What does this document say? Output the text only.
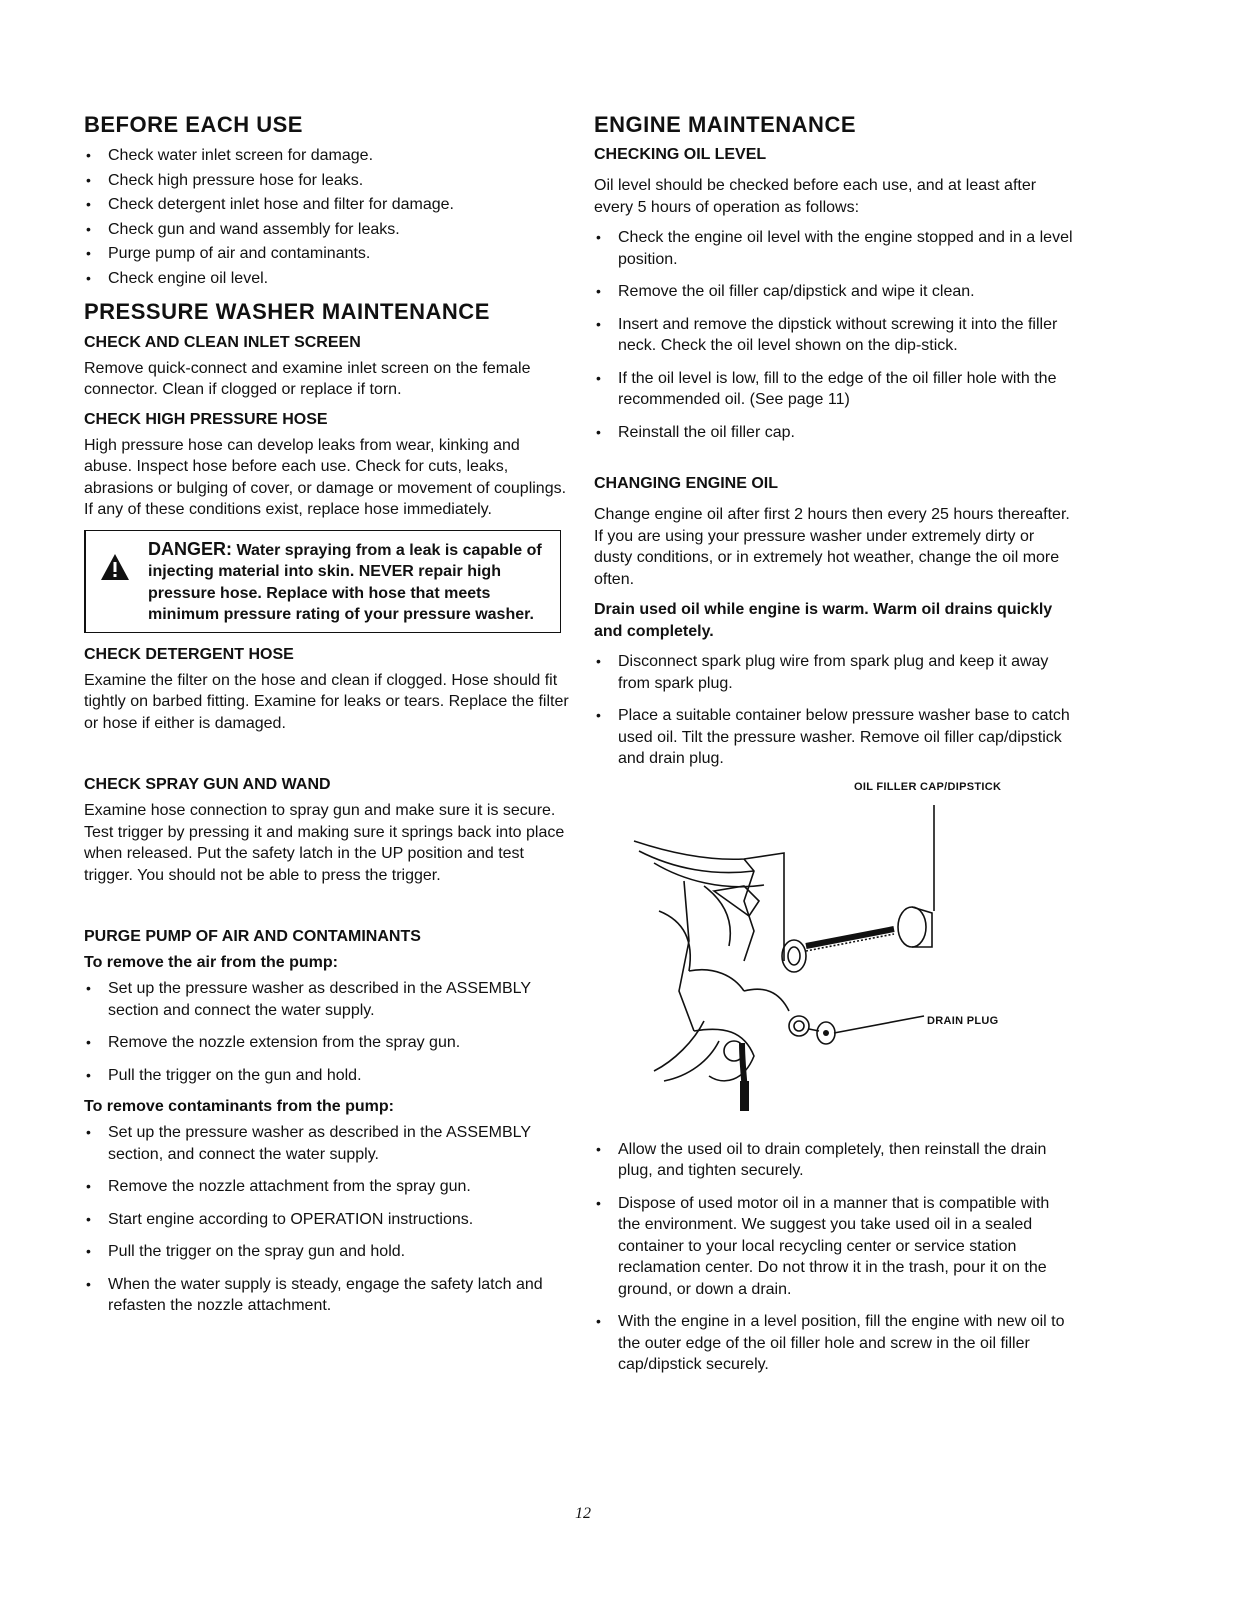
BEFORE EACH USE
• Check water inlet screen for damage.
• Check high pressure hose for leaks.
• Check detergent inlet hose and filter for damage.
• Check gun and wand assembly for leaks.
• Purge pump of air and contaminants.
• Check engine oil level.
PRESSURE WASHER MAINTENANCE
CHECK AND CLEAN INLET SCREEN

Remove quick-connect and examine inlet screen on the female connector. Clean if clogged or replace if torn.

CHECK HIGH PRESSURE HOSE

High pressure hose can develop leaks from wear, kinking and abuse. Inspect hose before each use. Check for cuts, leaks, abrasions or bulging of cover, or damage or movement of couplings. If any of these conditions exist, replace hose immediately.

DANGER: Water spraying from a leak is capable of injecting material into skin. NEVER repair high pressure hose. Replace with hose that meets minimum pressure rating of your pressure washer.
CHECK DETERGENT HOSE

Examine the filter on the hose and clean if clogged. Hose should fit tightly on barbed fitting. Examine for leaks or tears. Replace the filter or hose if either is damaged.

CHECK SPRAY GUN AND WAND

Examine hose connection to spray gun and make sure it is secure. Test trigger by pressing it and making sure it springs back into place when released. Put the safety latch in the UP position and test trigger. You should not be able to press the trigger.

PURGE PUMP OF AIR AND CONTAMINANTS
To remove the air from the pump:
• Set up the pressure washer as described in the ASSEMBLY section and connect the water supply.
• Remove the nozzle extension from the spray gun.
• Pull the trigger on the gun and hold.
To remove contaminants from the pump:
• Set up the pressure washer as described in the ASSEMBLY section, and connect the water supply.
• Remove the nozzle attachment from the spray gun.
• Start engine according to OPERATION instructions.
• Pull the trigger on the spray gun and hold.
• When the water supply is steady, engage the safety latch and refasten the nozzle attachment.
ENGINE MAINTENANCE
CHECKING OIL LEVEL

Oil level should be checked before each use, and at least after every 5 hours of operation as follows:

• Check the engine oil level with the engine stopped and in a level position.
• Remove the oil filler cap/dipstick and wipe it clean.
• Insert and remove the dipstick without screwing it into the filler neck. Check the oil level shown on the dip-stick.
• If the oil level is low, fill to the edge of the oil filler hole with the recommended oil. (See page 11)
• Reinstall the oil filler cap.
CHANGING ENGINE OIL

Change engine oil after first 2 hours then every 25 hours thereafter. If you are using your pressure washer under extremely dirty or dusty conditions, or in extremely hot weather, change the oil more often.

Drain used oil while engine is warm. Warm oil drains quickly and completely.

• Disconnect spark plug wire from spark plug and keep it away from spark plug.
• Place a suitable container below pressure washer base to catch used oil. Tilt the pressure washer. Remove oil filler cap/dipstick and drain plug.
OIL FILLER CAP/DIPSTICK
DRAIN PLUG
• Allow the used oil to drain completely, then reinstall the drain plug, and tighten securely.
• Dispose of used motor oil in a manner that is compatible with the environment. We suggest you take used oil in a sealed container to your local recycling center or service station reclamation center. Do not throw it in the trash, pour it on the ground, or down a drain.
• With the engine in a level position, fill the engine with new oil to the outer edge of the oil filler hole and screw in the oil filler cap/dipstick securely.
12
